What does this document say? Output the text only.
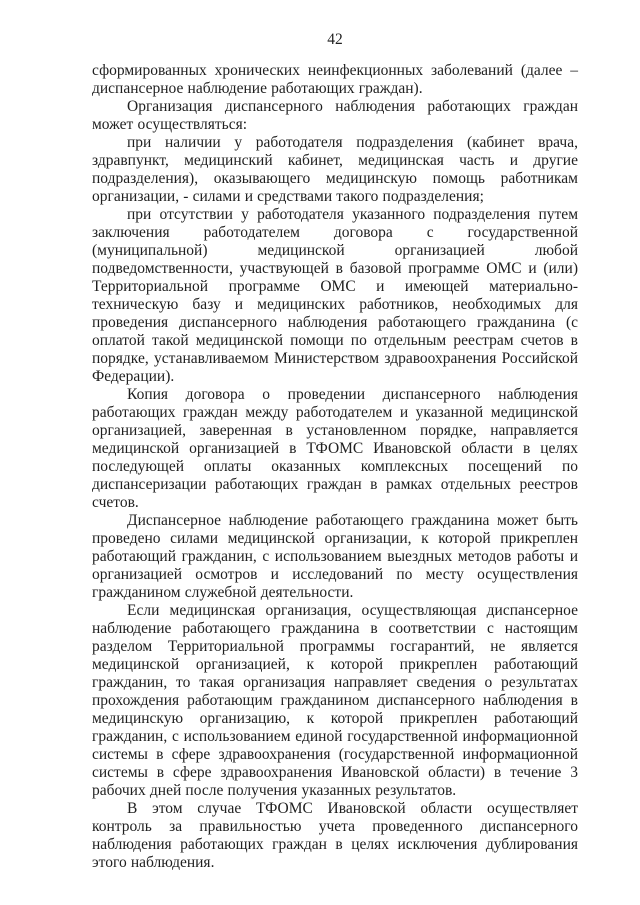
42

сформированных хронических неинфекционных заболеваний (далее – диспансерное наблюдение работающих граждан).

Организация диспансерного наблюдения работающих граждан может осуществляться:

при наличии у работодателя подразделения (кабинет врача, здравпункт, медицинский кабинет, медицинская часть и другие подразделения), оказывающего медицинскую помощь работникам организации, - силами и средствами такого подразделения;

при отсутствии у работодателя указанного подразделения путем заключения работодателем договора с государственной (муниципальной) медицинской организацией любой подведомственности, участвующей в базовой программе ОМС и (или) Территориальной программе ОМС и имеющей материально-техническую базу и медицинских работников, необходимых для проведения диспансерного наблюдения работающего гражданина (с оплатой такой медицинской помощи по отдельным реестрам счетов в порядке, устанавливаемом Министерством здравоохранения Российской Федерации).

Копия договора о проведении диспансерного наблюдения работающих граждан между работодателем и указанной медицинской организацией, заверенная в установленном порядке, направляется медицинской организацией в ТФОМС Ивановской области в целях последующей оплаты оказанных комплексных посещений по диспансеризации работающих граждан в рамках отдельных реестров счетов.

Диспансерное наблюдение работающего гражданина может быть проведено силами медицинской организации, к которой прикреплен работающий гражданин, с использованием выездных методов работы и организацией осмотров и исследований по месту осуществления гражданином служебной деятельности.

Если медицинская организация, осуществляющая диспансерное наблюдение работающего гражданина в соответствии с настоящим разделом Территориальной программы госгарантий, не является медицинской организацией, к которой прикреплен работающий гражданин, то такая организация направляет сведения о результатах прохождения работающим гражданином диспансерного наблюдения в медицинскую организацию, к которой прикреплен работающий гражданин, с использованием единой государственной информационной системы в сфере здравоохранения (государственной информационной системы в сфере здравоохранения Ивановской области) в течение 3 рабочих дней после получения указанных результатов.

В этом случае ТФОМС Ивановской области осуществляет контроль за правильностью учета проведенного диспансерного наблюдения работающих граждан в целях исключения дублирования этого наблюдения.
